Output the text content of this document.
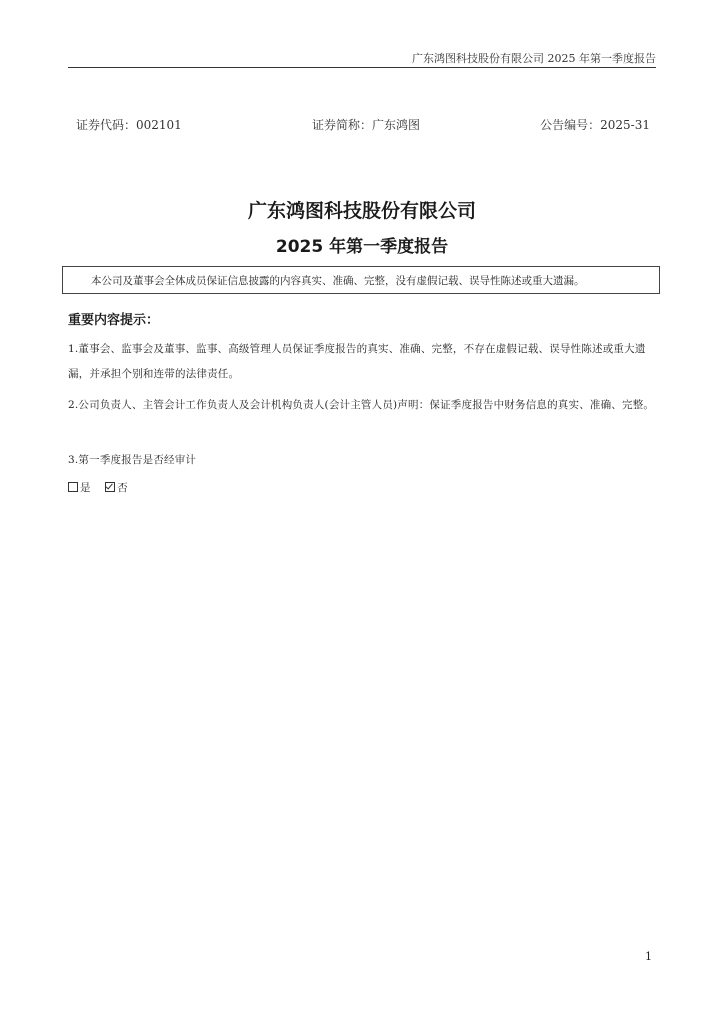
广东鸿图科技股份有限公司 2025 年第一季度报告
证券代码：002101	证券简称：广东鸿图	公告编号：2025-31
广东鸿图科技股份有限公司
2025 年第一季度报告
本公司及董事会全体成员保证信息披露的内容真实、准确、完整，没有虚假记载、误导性陈述或重大遗漏。
重要内容提示：
1.董事会、监事会及董事、监事、高级管理人员保证季度报告的真实、准确、完整，不存在虚假记载、误导性陈述或重大遗漏，并承担个别和连带的法律责任。
2.公司负责人、主管会计工作负责人及会计机构负责人(会计主管人员)声明：保证季度报告中财务信息的真实、准确、完整。
3.第一季度报告是否经审计
是	否
1
